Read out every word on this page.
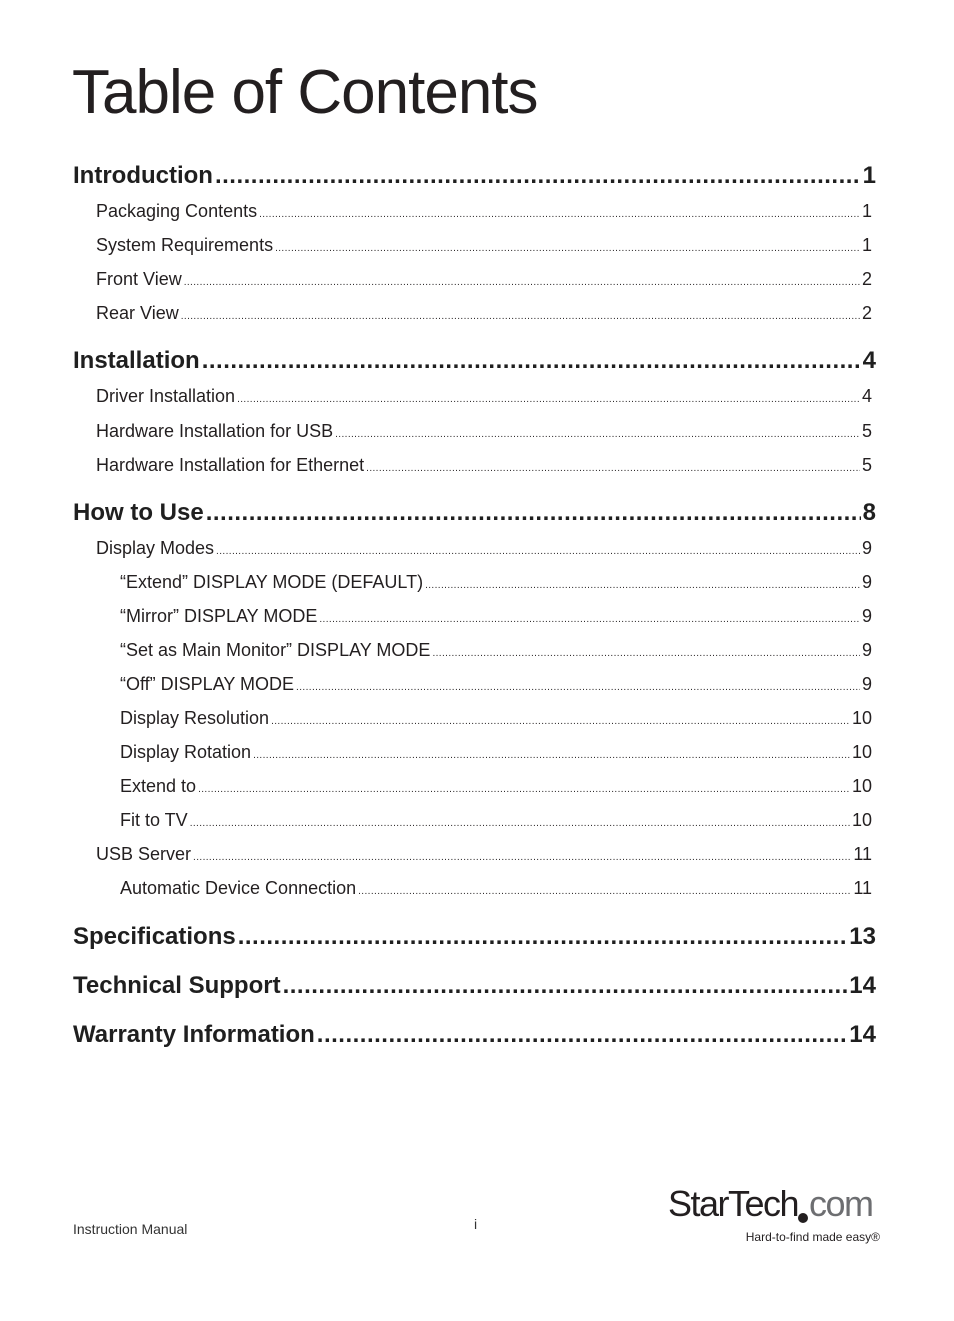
Table of Contents
Introduction .....	1
Packaging Contents .....	1
System Requirements .....	1
Front View .....	2
Rear View .....	2
Installation .....	4
Driver Installation .....	4
Hardware Installation for USB .....	5
Hardware Installation for Ethernet .....	5
How to Use .....	8
Display Modes .....	9
“Extend” DISPLAY MODE (DEFAULT) .....	9
“Mirror” DISPLAY MODE .....	9
“Set as Main Monitor” DISPLAY MODE .....	9
“Off” DISPLAY MODE .....	9
Display Resolution .....	10
Display Rotation .....	10
Extend to .....	10
Fit to TV .....	10
USB Server .....	11
Automatic Device Connection .....	11
Specifications .....	13
Technical Support .....	14
Warranty Information .....	14
Instruction Manual	i	StarTech com
Hard-to-find made easy®
